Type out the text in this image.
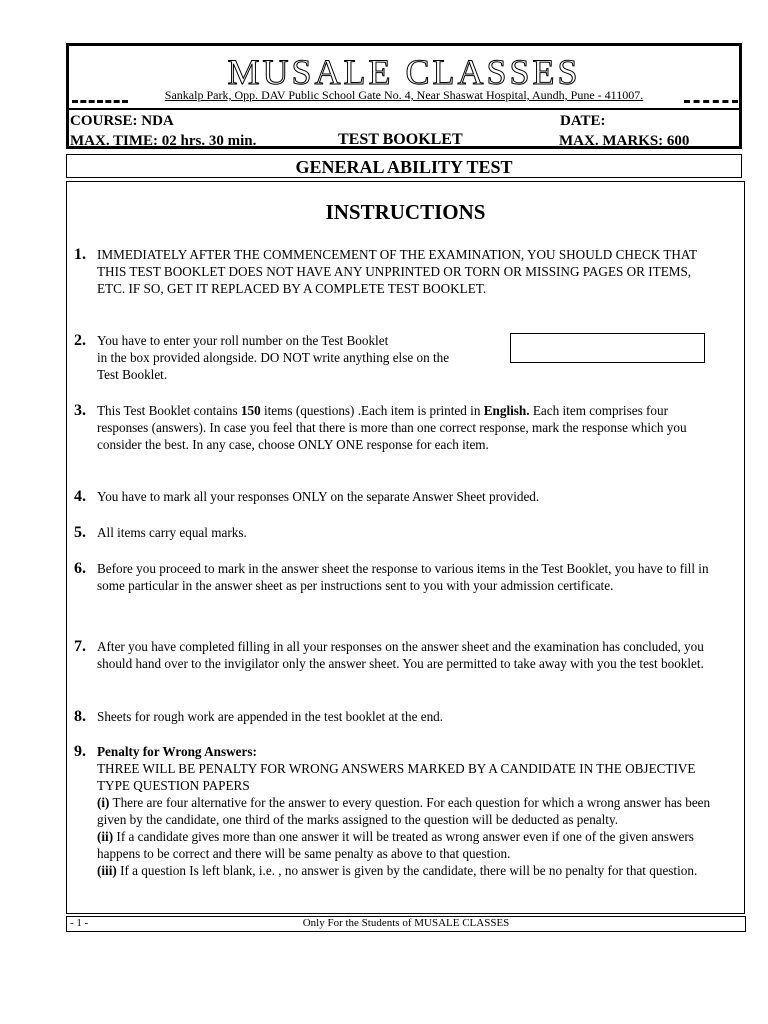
MUSALE CLASSES
Sankalp Park, Opp. DAV Public School Gate No. 4, Near Shaswat Hospital, Aundh, Pune - 411007.
COURSE: NDA	DATE:
MAX. TIME: 02 hrs. 30 min.	TEST BOOKLET	MAX. MARKS: 600
GENERAL ABILITY TEST
INSTRUCTIONS
1. IMMEDIATELY AFTER THE COMMENCEMENT OF THE EXAMINATION, YOU SHOULD CHECK THAT THIS TEST BOOKLET DOES NOT HAVE ANY UNPRINTED OR TORN OR MISSING PAGES OR ITEMS, ETC. IF SO, GET IT REPLACED BY A COMPLETE TEST BOOKLET.
2. You have to enter your roll number on the Test Booklet
in the box provided alongside. DO NOT write anything else on the
Test Booklet.
3. This Test Booklet contains 150 items (questions) .Each item is printed in English. Each item comprises four responses (answers). In case you feel that there is more than one correct response, mark the response which you consider the best. In any case, choose ONLY ONE response for each item.
4. You have to mark all your responses ONLY on the separate Answer Sheet provided.
5. All items carry equal marks.
6. Before you proceed to mark in the answer sheet the response to various items in the Test Booklet, you have to fill in some particular in the answer sheet as per instructions sent to you with your admission certificate.
7. After you have completed filling in all your responses on the answer sheet and the examination has concluded, you should hand over to the invigilator only the answer sheet. You are permitted to take away with you the test booklet.
8. Sheets for rough work are appended in the test booklet at the end.
9. Penalty for Wrong Answers:
THREE WILL BE PENALTY FOR WRONG ANSWERS MARKED BY A CANDIDATE IN THE OBJECTIVE TYPE QUESTION PAPERS
(i) There are four alternative for the answer to every question. For each question for which a wrong answer has been given by the candidate, one third of the marks assigned to the question will be deducted as penalty.
(ii) If a candidate gives more than one answer it will be treated as wrong answer even if one of the given answers happens to be correct and there will be same penalty as above to that question.
(iii) If a question Is left blank, i.e. , no answer is given by the candidate, there will be no penalty for that question.
- 1 -	Only For the Students of MUSALE CLASSES
